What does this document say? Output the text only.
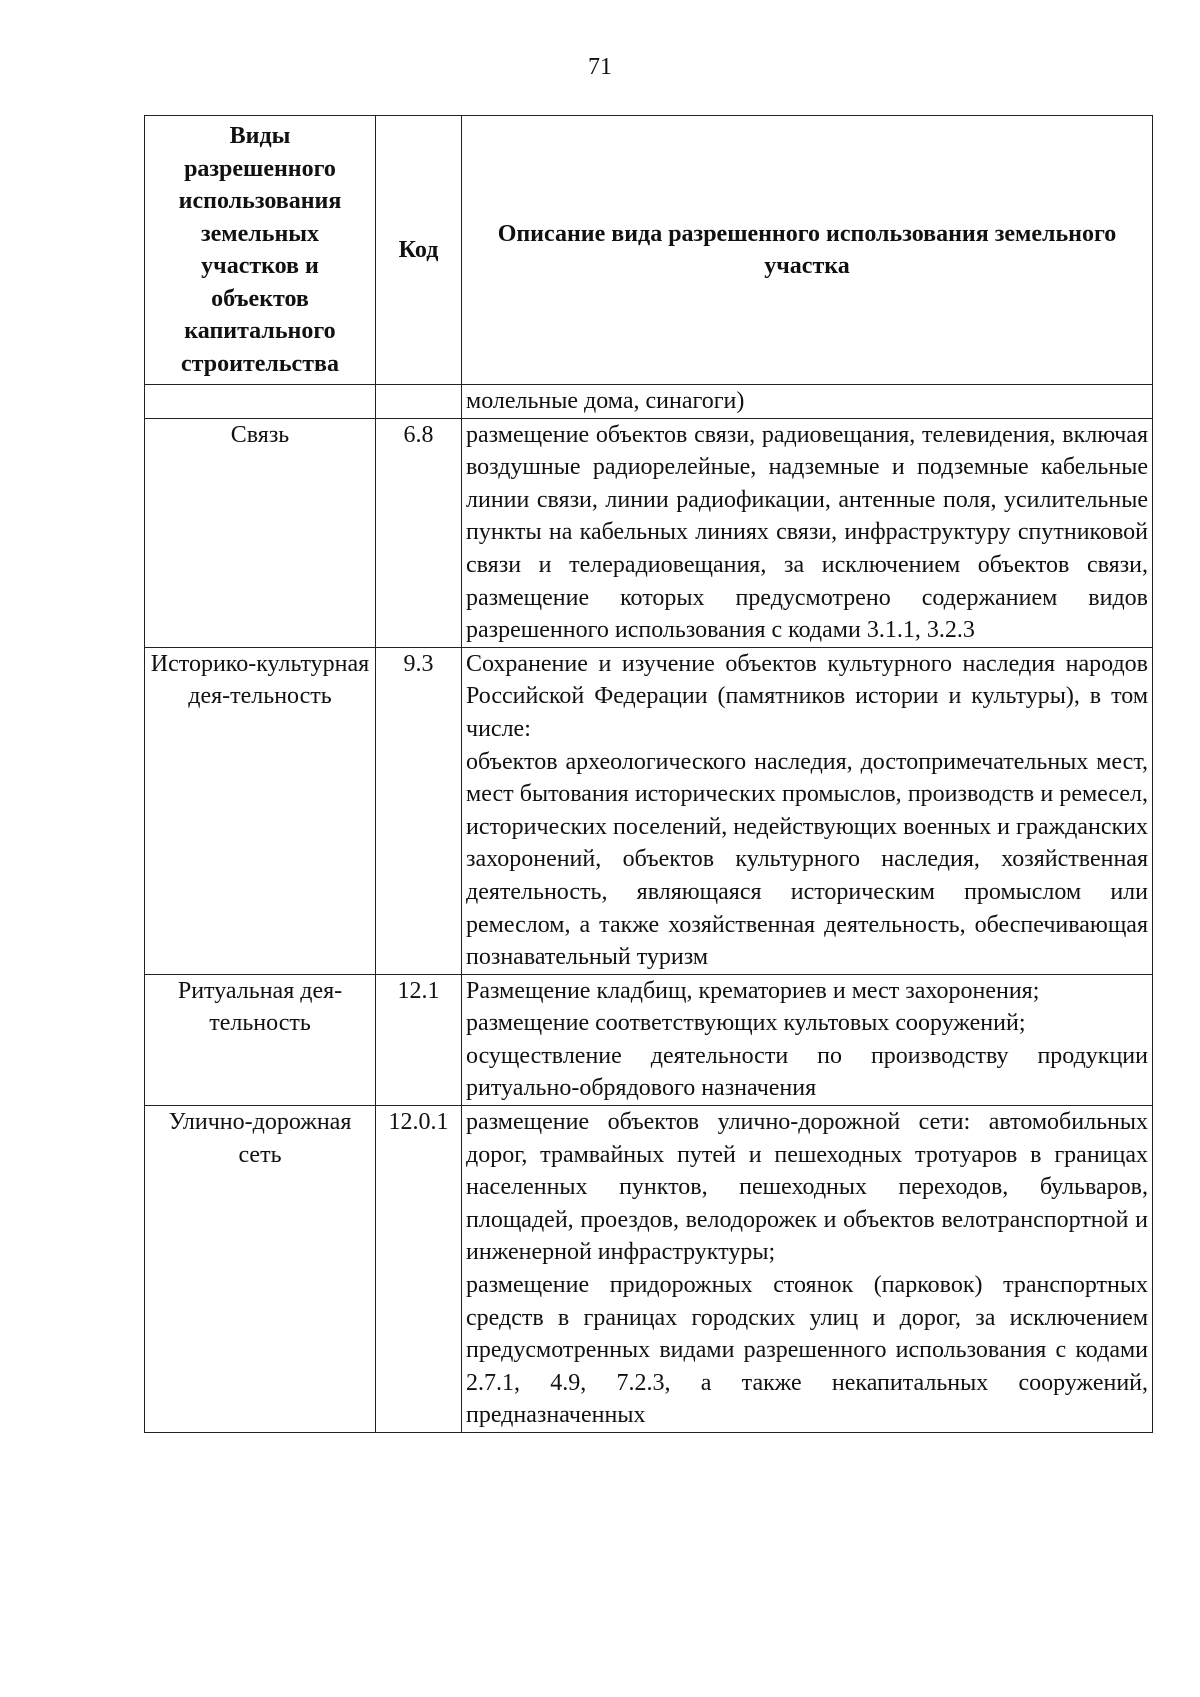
71
Виды разрешенного использования земельных участков и объектов капитального строительства	Код	Описание вида разрешенного использования земельного участка

		молельные дома, синагоги)

Связь	6.8	размещение объектов связи, радиовещания, телевидения, включая воздушные радиорелейные, надземные и подземные кабельные линии связи, линии радиофикации, антенные поля, усилительные пункты на кабельных линиях связи, инфраструктуру спутниковой связи и телерадиовещания, за исключением объектов связи, размещение которых предусмотрено содержанием видов разрешенного использования с кодами 3.1.1, 3.2.3

Историко-культурная дея-тельность	9.3	Сохранение и изучение объектов культурного наследия народов Российской Федерации (памятников истории и культуры), в том числе:

объектов археологического наследия, достопримечательных мест, мест бытования исторических промыслов, производств и ремесел, исторических поселений, недействующих военных и гражданских захоронений, объектов культурного наследия, хозяйственная деятельность, являющаяся историческим промыслом или ремеслом, а также хозяйственная деятельность, обеспечивающая познавательный туризм

Ритуальная дея-тельность	12.1	Размещение кладбищ, крематориев и мест захоронения;

размещение соответствующих культовых сооружений;

осуществление деятельности по производству продукции ритуально-обрядового назначения

Улично-дорожная сеть	12.0.1	размещение объектов улично-дорожной сети: автомобильных дорог, трамвайных путей и пешеходных тротуаров в границах населенных пунктов, пешеходных переходов, бульваров, площадей, проездов, велодорожек и объектов велотранспортной и инженерной инфраструктуры;

размещение придорожных стоянок (парковок) транспортных средств в границах городских улиц и дорог, за исключением предусмотренных видами разрешенного использования с кодами 2.7.1, 4.9, 7.2.3, а также некапитальных сооружений, предназначенных
